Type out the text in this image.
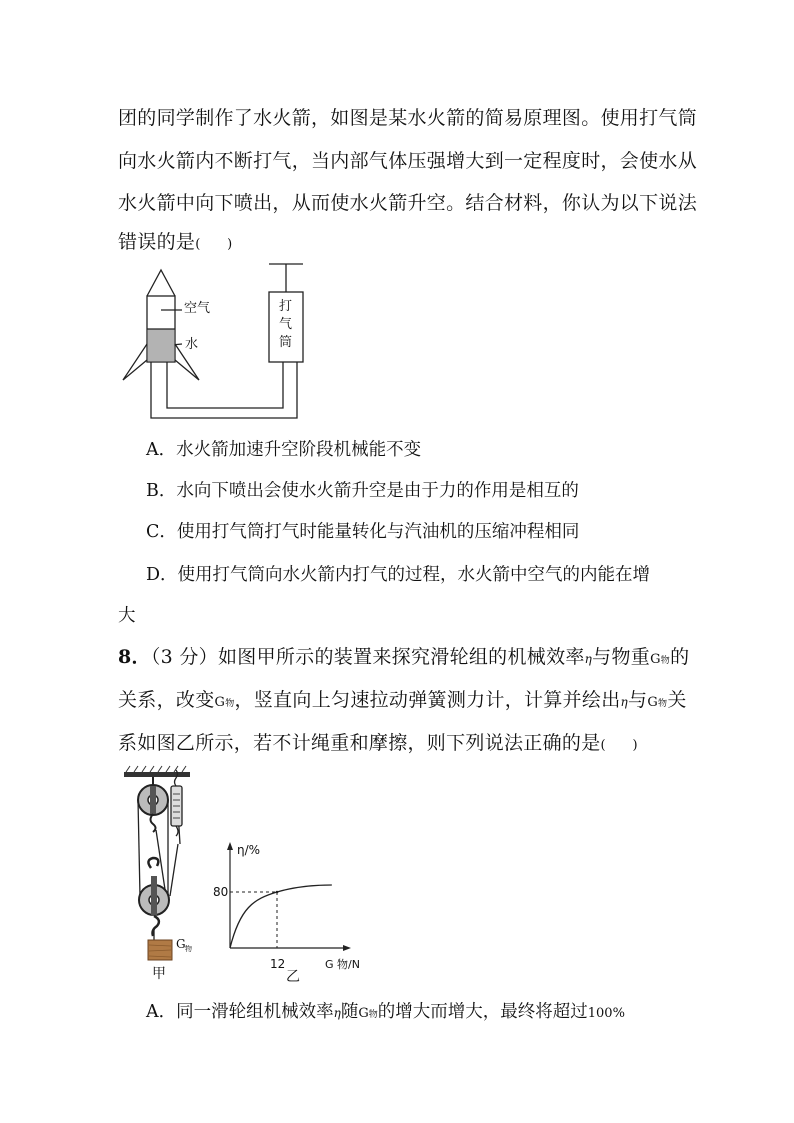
团的同学制作了水火箭，如图是某水火箭的简易原理图。使用打气筒
向水火箭内不断打气，当内部气体压强增大到一定程度时，会使水从
水火箭中向下喷出，从而使水火箭升空。结合材料，你认为以下说法
错误的是(　　)
空气
水
打
气
筒
A．水火箭加速升空阶段机械能不变
B．水向下喷出会使水火箭升空是由于力的作用是相互的
C．使用打气筒打气时能量转化与汽油机的压缩冲程相同
D．使用打气筒向水火箭内打气的过程，水火箭中空气的内能在增
大
8．（3 分）如图甲所示的装置来探究滑轮组的机械效率η与物重G物的
关系，改变G物，竖直向上匀速拉动弹簧测力计，计算并绘出η与G物关
系如图乙所示，若不计绳重和摩擦，则下列说法正确的是(　　)
G 物
甲
η/%
G 物/N
80
12
乙
A．同一滑轮组机械效率η随G物的增大而增大，最终将超过100%
